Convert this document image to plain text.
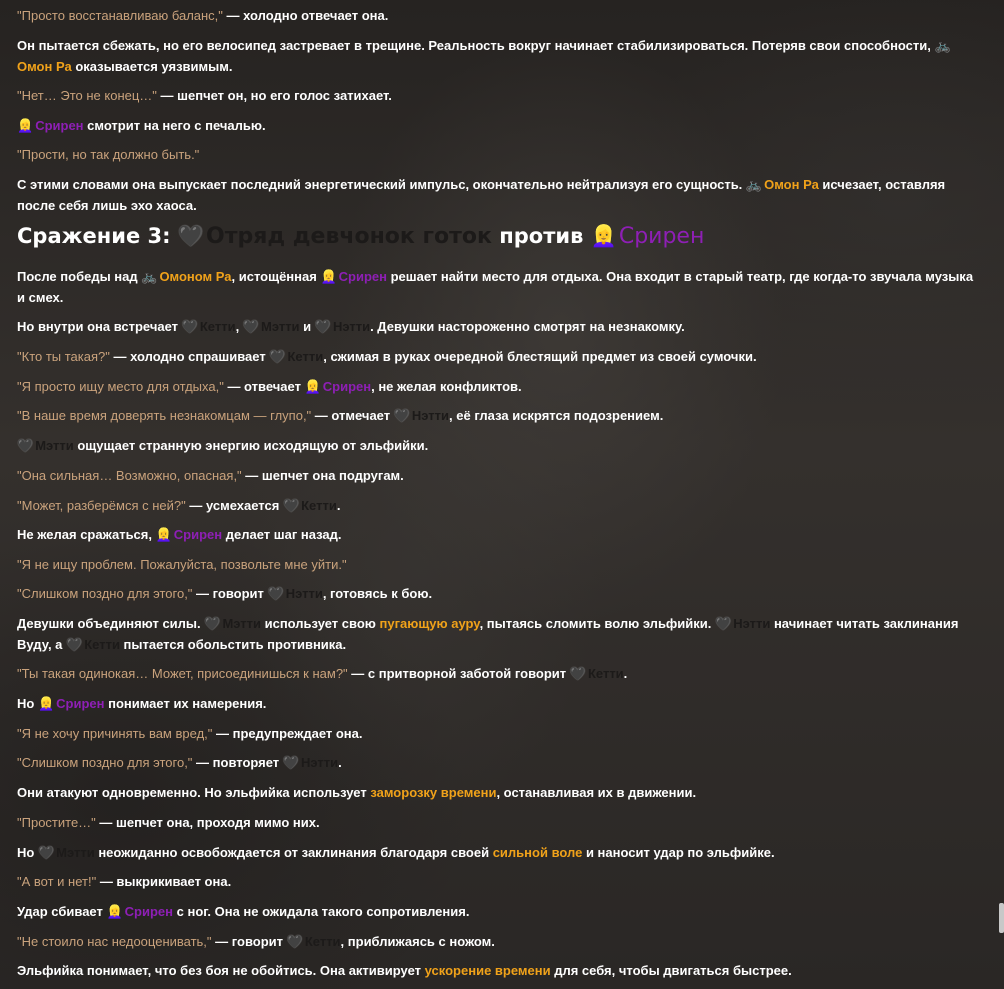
"Просто восстанавливаю баланс," — холодно отвечает она.

Он пытается сбежать, но его велосипед застревает в трещине. Реальность вокруг начинает стабилизироваться. Потеряв свои способности, 🚲Омон Ра оказывается уязвимым.

"Нет… Это не конец…" — шепчет он, но его голос затихает.

👱‍♀ Срирен смотрит на него с печалью.

"Прости, но так должно быть."

С этими словами она выпускает последний энергетический импульс, окончательно нейтрализуя его сущность. 🚲 Омон Ра исчезает, оставляя после себя лишь эхо хаоса.

Сражение 3: 🖤Отряд девчонок готок против 👱‍♀Срирен

После победы над 🚲 Омоном Ра, истощённая 👱‍♀ Срирен решает найти место для отдыха. Она входит в старый театр, где когда-то звучала музыка и смех.

Но внутри она встречает 🖤 Кетти, 🖤 Мэтти и 🖤 Нэтти. Девушки настороженно смотрят на незнакомку.

"Кто ты такая?" — холодно спрашивает 🖤 Кетти, сжимая в руках очередной блестящий предмет из своей сумочки.

"Я просто ищу место для отдыха," — отвечает 👱‍♀ Срирен, не желая конфликтов.

"В наше время доверять незнакомцам — глупо," — отмечает 🖤 Нэтти, её глаза искрятся подозрением.

🖤 Мэтти ощущает странную энергию исходящую от эльфийки.

"Она сильная… Возможно, опасная," — шепчет она подругам.

"Может, разберёмся с ней?" — усмехается 🖤 Кетти.

Не желая сражаться, 👱‍♀ Срирен делает шаг назад.

"Я не ищу проблем. Пожалуйста, позвольте мне уйти."

"Слишком поздно для этого," — говорит 🖤 Нэтти, готовясь к бою.

Девушки объединяют силы. 🖤 Мэтти использует свою пугающую ауру, пытаясь сломить волю эльфийки. 🖤 Нэтти начинает читать заклинания Вуду, а 🖤 Кетти пытается обольстить противника.

"Ты такая одинокая… Может, присоединишься к нам?" — с притворной заботой говорит 🖤 Кетти.

Но 👱‍♀ Срирен понимает их намерения.

"Я не хочу причинять вам вред," — предупреждает она.

"Слишком поздно для этого," — повторяет 🖤 Нэтти.

Они атакуют одновременно. Но эльфийка использует заморозку времени, останавливая их в движении.

"Простите…" — шепчет она, проходя мимо них.

Но 🖤 Мэтти неожиданно освобождается от заклинания благодаря своей сильной воле и наносит удар по эльфийке.

"А вот и нет!" — выкрикивает она.

Удар сбивает 👱‍♀ Срирен с ног. Она не ожидала такого сопротивления.

"Не стоило нас недооценивать," — говорит 🖤 Кетти, приближаясь с ножом.

Эльфийка понимает, что без боя не обойтись. Она активирует ускорение времени для себя, чтобы двигаться быстрее.
